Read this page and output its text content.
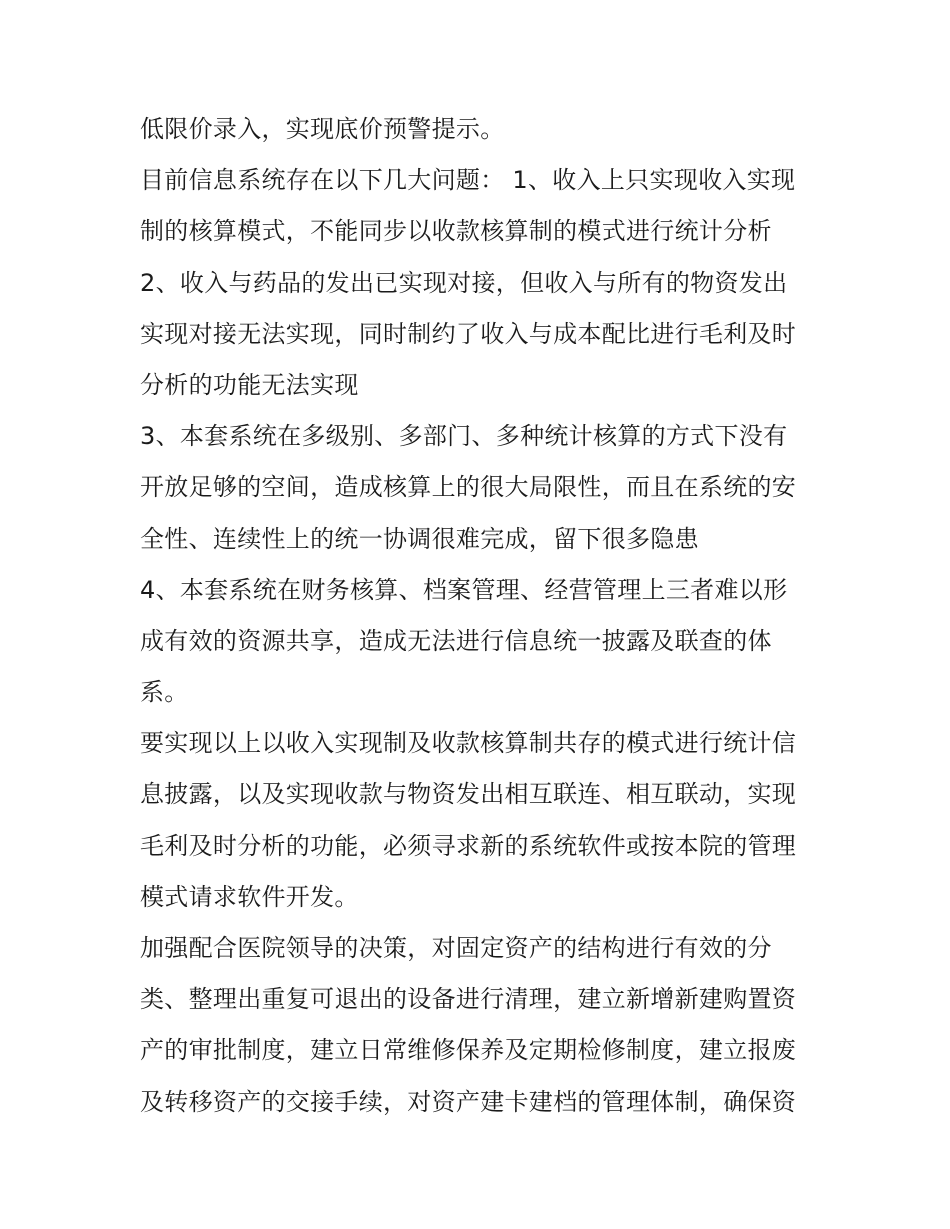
低限价录入，实现底价预警提示。
目前信息系统存在以下几大问题： 1、收入上只实现收入实现
制的核算模式，不能同步以收款核算制的模式进行统计分析
2、收入与药品的发出已实现对接，但收入与所有的物资发出
实现对接无法实现，同时制约了收入与成本配比进行毛利及时
分析的功能无法实现
3、本套系统在多级别、多部门、多种统计核算的方式下没有
开放足够的空间，造成核算上的很大局限性，而且在系统的安
全性、连续性上的统一协调很难完成，留下很多隐患
4、本套系统在财务核算、档案管理、经营管理上三者难以形
成有效的资源共享，造成无法进行信息统一披露及联查的体
系。
要实现以上以收入实现制及收款核算制共存的模式进行统计信
息披露，以及实现收款与物资发出相互联连、相互联动，实现
毛利及时分析的功能，必须寻求新的系统软件或按本院的管理
模式请求软件开发。
加强配合医院领导的决策，对固定资产的结构进行有效的分
类、整理出重复可退出的设备进行清理，建立新增新建购置资
产的审批制度，建立日常维修保养及定期检修制度，建立报废
及转移资产的交接手续，对资产建卡建档的管理体制，确保资
